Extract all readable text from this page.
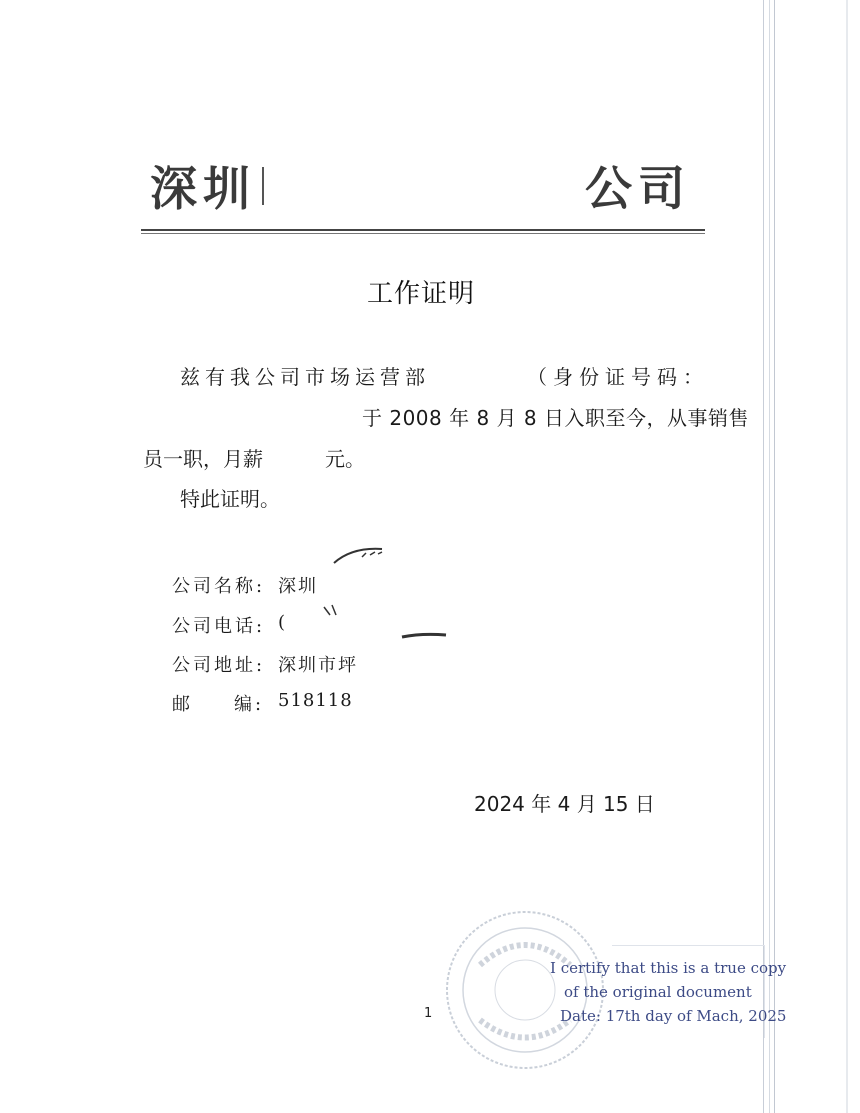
深圳	公司
工作证明
兹有我公司市场运营部	（身份证号码：
于 2008 年 8 月 8 日入职至今，从事销售
员一职，月薪	元。
特此证明。
公司名称: 深圳
公司电话: (
公司地址: 深圳市坪
邮 编: 518118
2024 年 4 月 15 日
1
I certify that this is a true copy
of the original document
Date: 17th day of Mach, 2025
